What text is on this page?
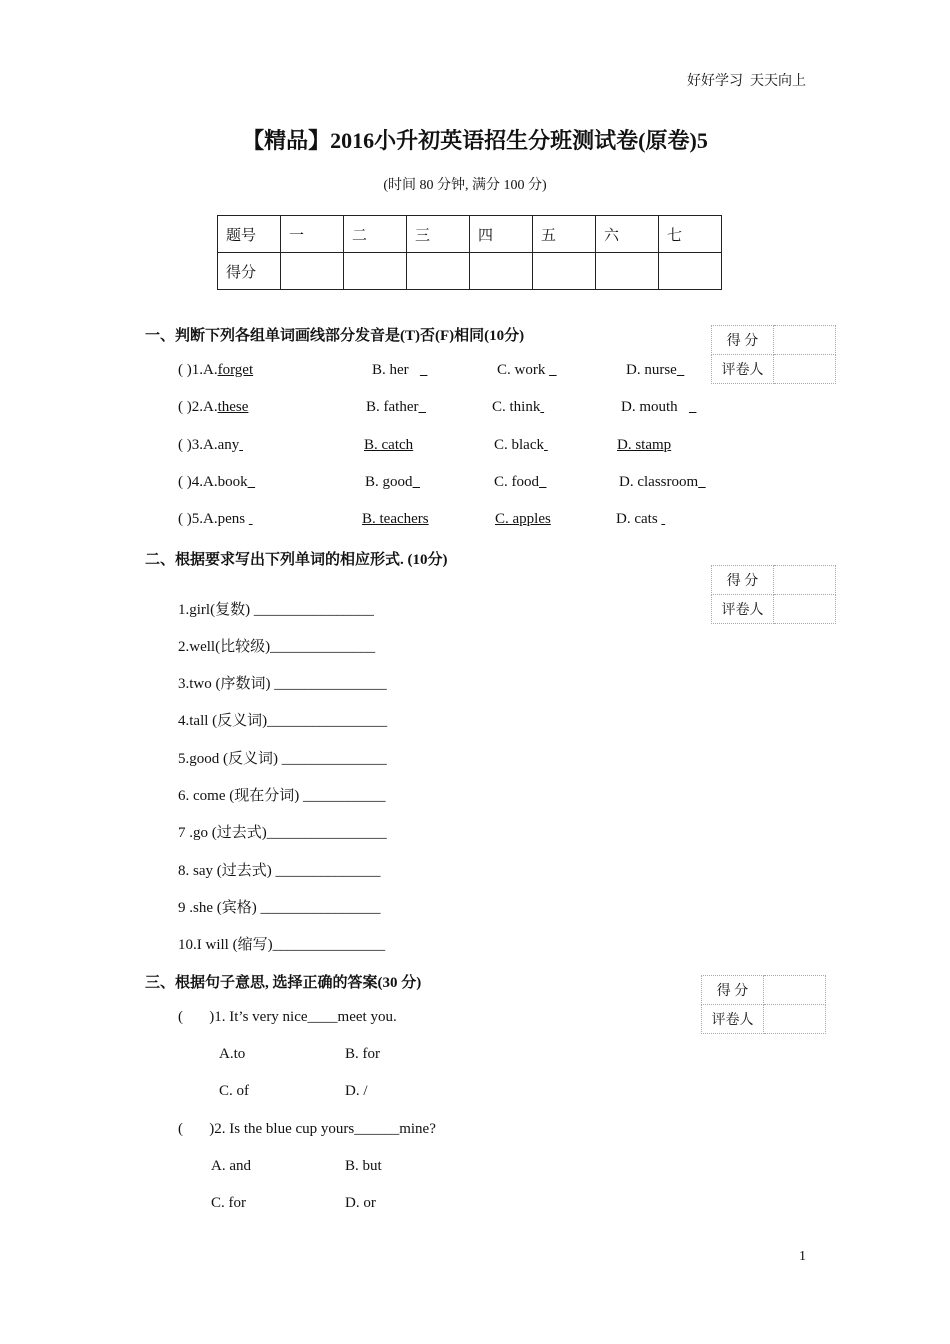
好好学习  天天向上
【精品】2016小升初英语招生分班测试卷(原卷)5
(时间 80 分钟, 满分 100 分)
题号	一	二	三	四	五	六	七
得分							
一、判断下列各组单词画线部分发音是(T)否(F)相同(10分)	得 分	
评卷人	
( )1.A.forget	B. her	C. work	D. nurse
( )2.A.these	B. father	C. think	D. mouth
( )3.A.any	B. catch	C. black	D. stamp
( )4.A.book	B. good	C. food	D. classroom
( )5.A.pens	B. teachers	C. apples	D. cats
二、根据要求写出下列单词的相应形式. (10分)
得 分	
评卷人	
1.girl(复数) ________________
2.well(比较级)______________
3.two (序数词) _______________
4.tall (反义词)________________
5.good (反义词) ______________
6. come (现在分词) ___________
7 .go (过去式)________________
8. say (过去式) ______________
9 .she (宾格) ________________
10.I will (缩写)_______________
三、根据句子意思, 选择正确的答案(30 分)
得 分	
评卷人	
(       )1. It’s very nice____meet you.
A.to	B. for
C. of	D. /
(       )2. Is the blue cup yours______mine?
A. and	B. but
C. for	D. or
1
